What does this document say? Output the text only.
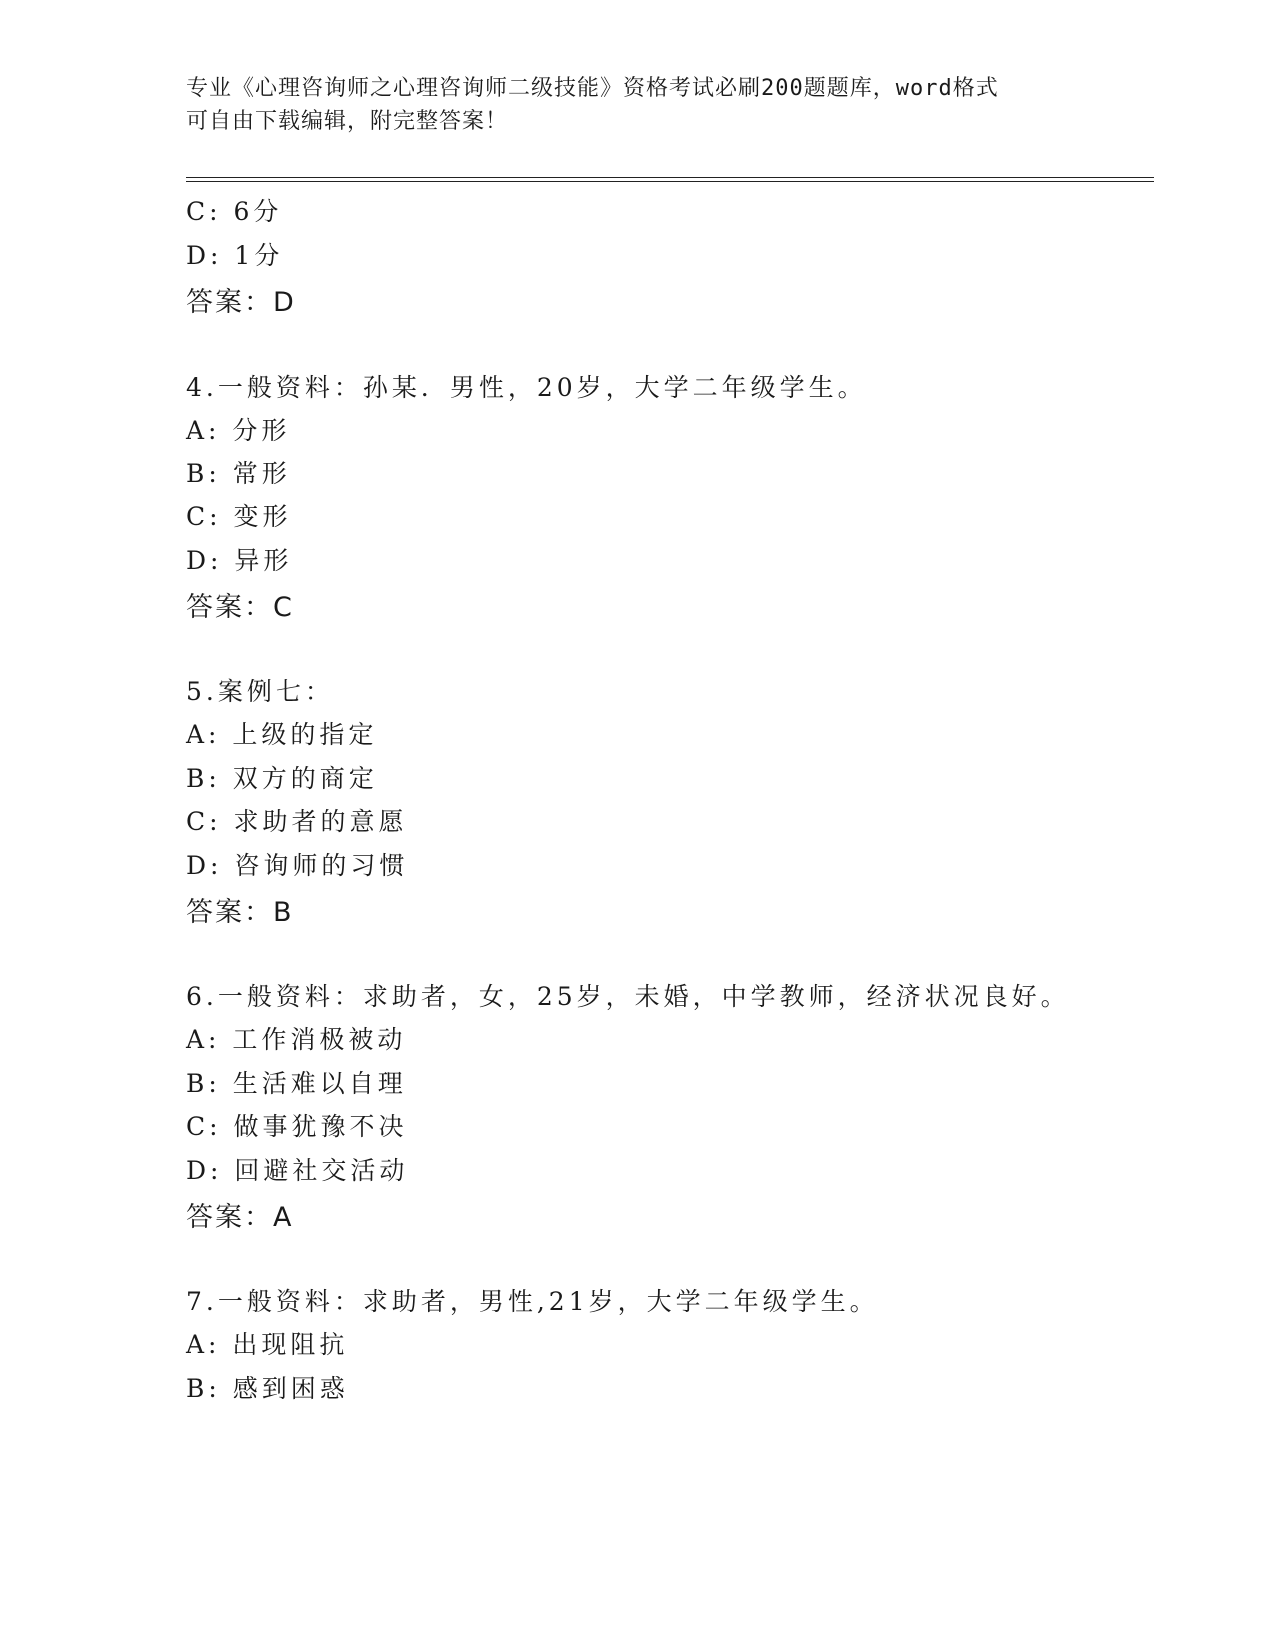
专业《心理咨询师之心理咨询师二级技能》资格考试必刷200题题库，word格式
可自由下载编辑，附完整答案！
C: 6分
D: 1分
答案：D
4.一般资料：孙某．男性，20岁，大学二年级学生。
A: 分形
B: 常形
C: 变形
D: 异形
答案：C
5.案例七：
A: 上级的指定
B: 双方的商定
C: 求助者的意愿
D: 咨询师的习惯
答案：B
6.一般资料：求助者，女，25岁，未婚，中学教师，经济状况良好。
A: 工作消极被动
B: 生活难以自理
C: 做事犹豫不决
D: 回避社交活动
答案：A
7.一般资料：求助者，男性,21岁，大学二年级学生。
A: 出现阻抗
B: 感到困惑
